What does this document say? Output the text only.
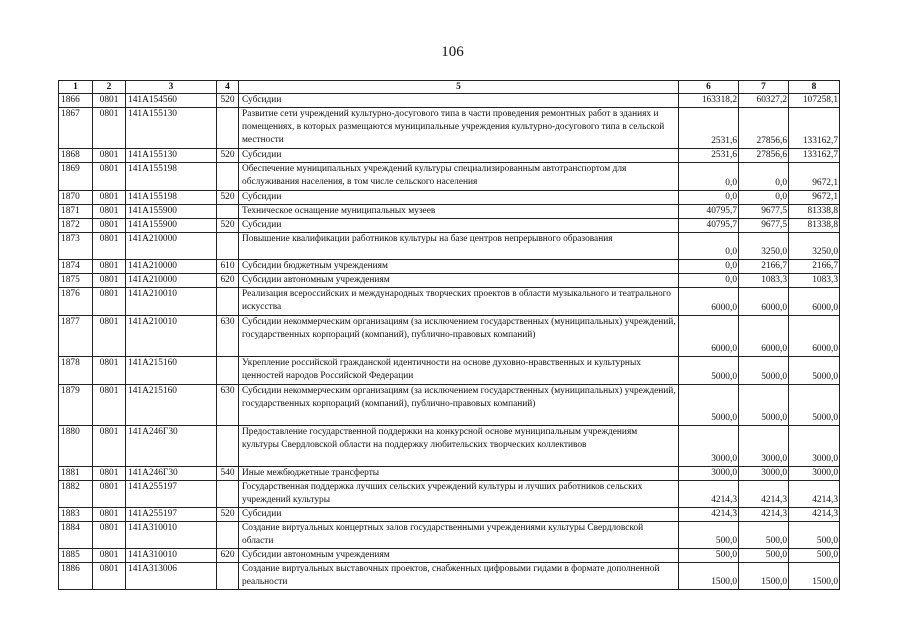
106
1	2	3	4	5	6	7	8
1866	0801	141A154560	520	Субсидии	163318,2	60327,2	107258,1
1867	0801	141A155130		Развитие сети учреждений культурно-досугового типа в части проведения ремонтных работ в зданиях и помещениях, в которых размещаются муниципальные учреждения культурно-досугового типа в сельской местности	2531,6	27856,6	133162,7
1868	0801	141A155130	520	Субсидии	2531,6	27856,6	133162,7
1869	0801	141A155198		Обеспечение муниципальных учреждений культуры специализированным автотранспортом для обслуживания населения, в том числе сельского населения	0,0	0,0	9672,1
1870	0801	141A155198	520	Субсидии	0,0	0,0	9672,1
1871	0801	141A155900		Техническое оснащение муниципальных музеев	40795,7	9677,5	81338,8
1872	0801	141A155900	520	Субсидии	40795,7	9677,5	81338,8
1873	0801	141A210000		Повышение квалификации работников культуры на базе центров непрерывного образования	0,0	3250,0	3250,0
1874	0801	141A210000	610	Субсидии бюджетным учреждениям	0,0	2166,7	2166,7
1875	0801	141A210000	620	Субсидии автономным учреждениям	0,0	1083,3	1083,3
1876	0801	141A210010		Реализация всероссийских и международных творческих проектов в области музыкального и театрального искусства	6000,0	6000,0	6000,0
1877	0801	141A210010	630	Субсидии некоммерческим организациям (за исключением государственных (муниципальных) учреждений, государственных корпораций (компаний), публично-правовых компаний)	6000,0	6000,0	6000,0
1878	0801	141A215160		Укрепление российской гражданской идентичности на основе духовно-нравственных и культурных ценностей народов Российской Федерации	5000,0	5000,0	5000,0
1879	0801	141A215160	630	Субсидии некоммерческим организациям (за исключением государственных (муниципальных) учреждений, государственных корпораций (компаний), публично-правовых компаний)	5000,0	5000,0	5000,0
1880	0801	141A246Г30		Предоставление государственной поддержки на конкурсной основе муниципальным учреждениям культуры Свердловской области на поддержку любительских творческих коллективов	3000,0	3000,0	3000,0
1881	0801	141A246Г30	540	Иные межбюджетные трансферты	3000,0	3000,0	3000,0
1882	0801	141A255197		Государственная поддержка лучших сельских учреждений культуры и лучших работников сельских учреждений культуры	4214,3	4214,3	4214,3
1883	0801	141A255197	520	Субсидии	4214,3	4214,3	4214,3
1884	0801	141A310010		Создание виртуальных концертных залов государственными учреждениями культуры Свердловской области	500,0	500,0	500,0
1885	0801	141A310010	620	Субсидии автономным учреждениям	500,0	500,0	500,0
1886	0801	141A313006		Создание виртуальных выставочных проектов, снабженных цифровыми гидами в формате дополненной реальности	1500,0	1500,0	1500,0
